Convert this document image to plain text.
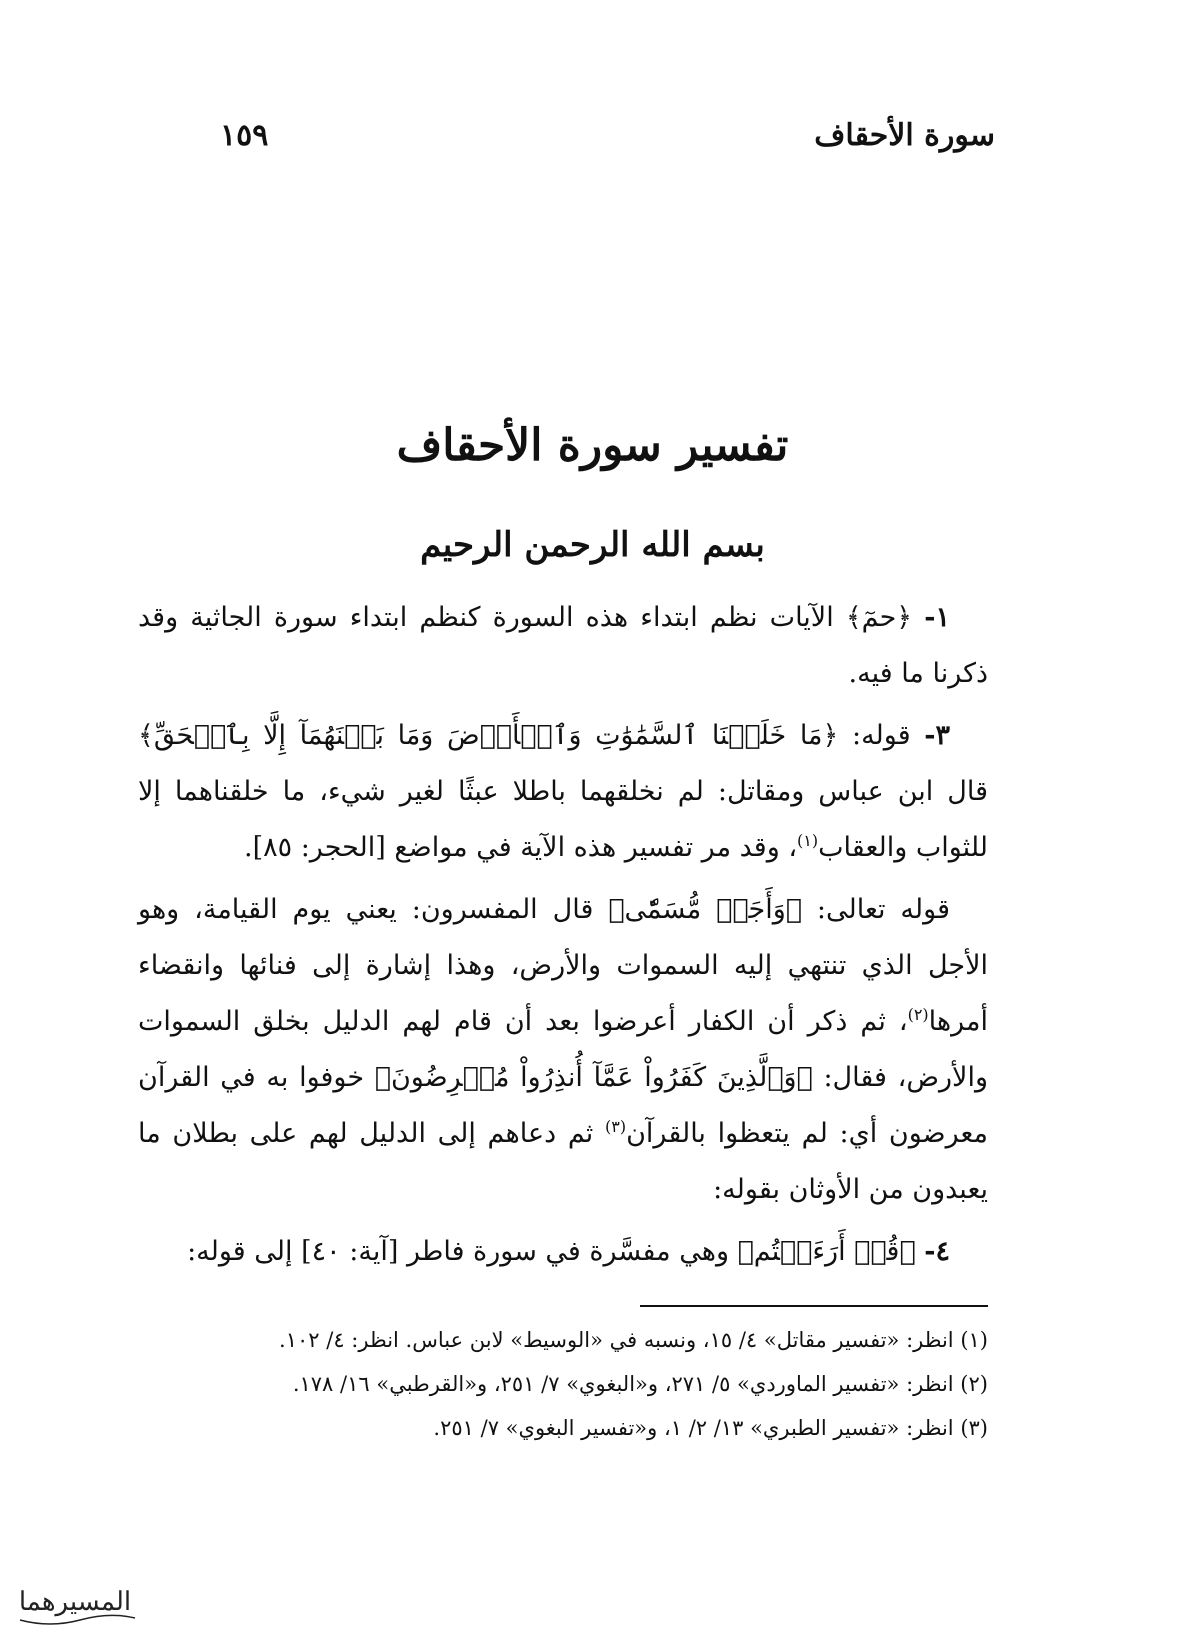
سورة الأحقاف
١٥٩
تفسير سورة الأحقاف
بسم الله الرحمن الرحيم

١- ﴿حمٓ﴾ الآيات نظم ابتداء هذه السورة كنظم ابتداء سورة الجاثية وقد ذكرنا ما فيه.

٣- قوله: ﴿مَا خَلَقۡنَا ٱلسَّمَٰوَٰتِ وَٱلۡأَرۡضَ وَمَا بَيۡنَهُمَآ إِلَّا بِٱلۡحَقِّ﴾ قال ابن عباس ومقاتل: لم نخلقهما باطلا عبثًا لغير شيء، ما خلقناهما إلا للثواب والعقاب$^{(١)}$، وقد مر تفسير هذه الآية في مواضع [الحجر: ٨٥].

قوله تعالى: ﴿وَأَجَلٖ مُّسَمّٗى﴾ قال المفسرون: يعني يوم القيامة، وهو الأجل الذي تنتهي إليه السموات والأرض، وهذا إشارة إلى فنائها وانقضاء أمرها$^{(٢)}$، ثم ذكر أن الكفار أعرضوا بعد أن قام لهم الدليل بخلق السموات والأرض، فقال: ﴿وَٱلَّذِينَ كَفَرُواْ عَمَّآ أُنذِرُواْ مُعۡرِضُونَ﴾ خوفوا به في القرآن معرضون أي: لم يتعظوا بالقرآن$^{(٣)}$ ثم دعاهم إلى الدليل لهم على بطلان ما يعبدون من الأوثان بقوله:

٤- ﴿قُلۡ أَرَءَيۡتُم﴾ وهي مفسَّرة في سورة فاطر [آية: ٤٠] إلى قوله:

(١) انظر: «تفسير مقاتل» ٤/ ١٥، ونسبه في «الوسيط» لابن عباس. انظر: ٤/ ١٠٢.
(٢) انظر: «تفسير الماوردي» ٥/ ٢٧١، و«البغوي» ٧/ ٢٥١، و«القرطبي» ١٦/ ١٧٨.
(٣) انظر: «تفسير الطبري» ١٣/ ٢/ ١، و«تفسير البغوي» ٧/ ٢٥١.
المسيرهما
